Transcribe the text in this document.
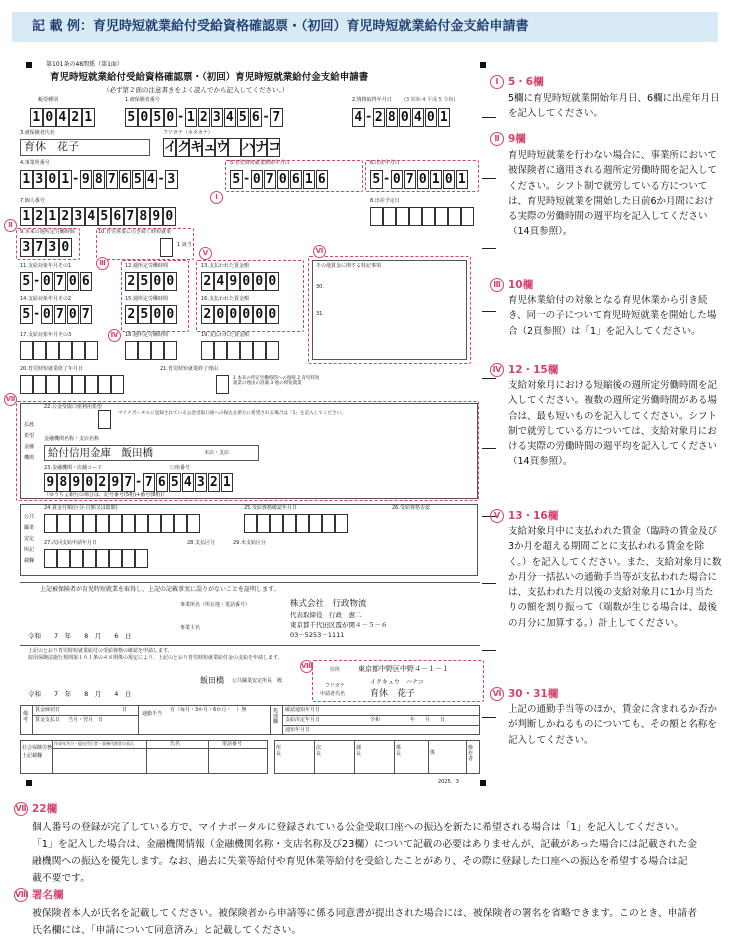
記 載 例：育児時短就業給付受給資格確認票・（初回）育児時短就業給付金支給申請書
第101条の48関係（第1面）
育児時短就業給付受給資格確認票・（初回）育児時短就業給付金支給申請書
（必ず第２面の注意書きをよく読んでから記入してください。）
帳票種別
1 0 4 2 1
1.被保険者番号
5 0 5 0 - 1 2 3 4 5 6 - 7
2.資格取得年月日 (3 昭和 4 平成 5 令和)
4 - 2 8 0 4 0 1
3.被保険者氏名	フリガナ（カタカナ）
育休　花子	イ ク キ ュ ウ ハ ナ コ
4.事業所番号
1 3 0 1 - 9 8 7 6 5 4 - 3
5.育児時短就業開始年月日
5 - 0 7 0 6 1 6
6.出産年月日
5 - 0 7 0 1 0 1
7.個人番号
1 2 1 2 3 4 5 6 7 8 9 0
8.出産予定日
9.本来の週所定労働時間
3 7 3 0
10.育児休業に引き続く時短就業
1 該当
11.支給対象年月その1
5 - 0 7 0 6
12.週所定労働時間
2 5 0 0
13.支払われた賃金額
2 4 9 0 0 0
14.支給対象年月その2
5 - 0 7 0 7
15.週所定労働時間
2 5 0 0
16.支払われた賃金額
2 0 0 0 0 0
17.支給対象年月その3	18.週所定労働時間	19.支払われた賃金額
その他賃金に関する特記事項
30.
31.
20.育児時短就業終了年月日	21.育児時短就業終了理由
1 本来の所定労働時間への復帰 2 育児時短就業の理由の消滅 3 他の時短就業
払渡希望金融機関
22.公金受取口座利用希望
マイナポータルに登録されている公金受取口座への振込を新たに希望される場合は「1」を記入してください。
金融機関名称・支店名称
給付信用金庫　飯田橋	本店・支店
23.金融機関・店舗コード	口座番号
9 8 9 0 2 9 7 - 7 6 5 4 3 2 1
（ゆうちょ銀行の場合は、記号番号(5桁)+番号(8桁)）
公共職業安定所記載欄
24.賃金月額(区分-日額又は総額)	25.受給資格確認年月日	26.受給資格否認
27.次回支給申請年月日	28.支払区分	29.未支給区分
上記被保険者が育児時短就業を取得し、上記の記載事実に誤りがないことを証明します。
事業所名（所在地・電話番号）	株式会社　行政物流
代表取締役　行政　憲二
東京都千代田区霞が関４－５－６
事業主名
03－5253－1111
令和　　7　年　　8　月　　6　日
上記のとおり育児時短就業給付の受給資格の確認を申請します。
雇用保険法施行規則第１０１条の４８関係の規定により、上記のとおり育児時短就業給付金の支給を申請します。
飯田橋 公共職業安定所長　殿
令和　　7　年　　8　月　　4　日
住所	東京都中野区中野４－１－１
フリガナ
申請者氏名
イクキュウ　ハナコ
育休　花子
備考
賃金締切日	日
賃金支払日 当月・翌月　日
通勤手当
有（毎月・3か月・6か月・　）無	処理欄
確認通知年月日
支給決定年月日
通知年月日
令和	年　　月　　日
社会保険労務士記載欄
作成年月日・提出代行者・事務代理者の表示	氏名	電話番号
所長
次長
課長
係長	係
操作者
2025．3
Ⅰ
Ⅱ
Ⅲ
Ⅳ
Ⅴ	Ⅵ
Ⅶ
Ⅷ
Ⅰ 5・6欄
5欄に育児時短就業開始年月日、6欄に出産年月日を記入してください。
Ⅱ 9欄
育児時短就業を行わない場合に、事業所において被保険者に適用される週所定労働時間を記入してください。シフト制で就労している方については、育児時短就業を開始した日前6か月間における実際の労働時間の週平均を記入してください（14頁参照）。
Ⅲ 10欄
育児休業給付の対象となる育児休業から引き続き、同一の子について育児時短就業を開始した場合（2頁参照）は「1」を記入してください。
Ⅳ 12・15欄
支給対象月における短縮後の週所定労働時間を記入してください。複数の週所定労働時間がある場合は、最も短いものを記入してください。シフト制で就労している方については、支給対象月における実際の労働時間の週平均を記入してください（14頁参照）。
Ⅴ 13・16欄
支給対象月中に支払われた賃金（臨時の賃金及び3か月を超える期間ごとに支払われる賃金を除く。）を記入してください。また、支給対象月に数か月分一括払いの通勤手当等が支払われた場合には、支払われた月以後の支給対象月に1か月当たりの額を割り振って（端数が生じる場合は、最後の月分に加算する。）計上してください。
Ⅵ 30・31欄
上記の通勤手当等のほか、賃金に含まれるか否かが判断しかねるものについても、その額と名称を記入してください。
Ⅶ 22欄
個人番号の登録が完了している方で、マイナポータルに登録されている公金受取口座への振込を新たに希望される場合は「1」を記入してください。「1」を記入した場合は、金融機関情報（金融機関名称・支店名称及び23欄）について記載の必要はありませんが、記載があった場合には記載された金融機関への振込を優先します。なお、過去に失業等給付や育児休業等給付を受給したことがあり、その際に登録した口座への振込を希望する場合は記載不要です。
Ⅷ 署名欄
被保険者本人が氏名を記載してください。被保険者から申請等に係る同意書が提出された場合には、被保険者の署名を省略できます。このとき、申請者氏名欄には、「申請について同意済み」と記載してください。
